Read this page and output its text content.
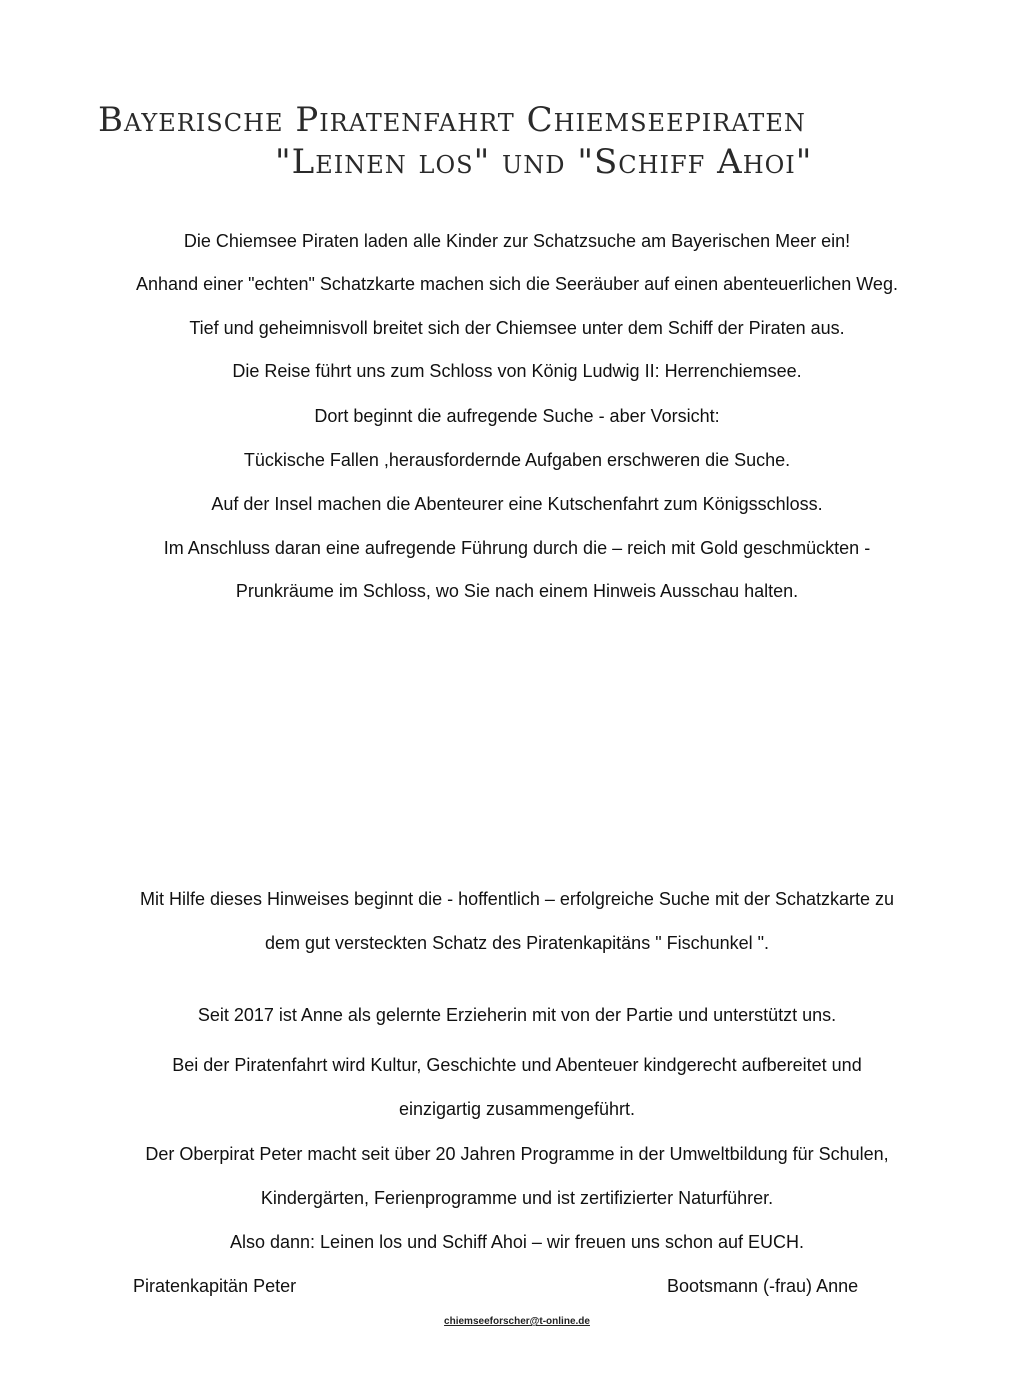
Bayerische Piratenfahrt Chiemseepiraten
"Leinen los" und "Schiff Ahoi"

Die Chiemsee Piraten laden alle Kinder zur Schatzsuche am Bayerischen Meer ein!

Anhand einer "echten" Schatzkarte machen sich die Seeräuber auf einen abenteuerlichen Weg.

Tief und geheimnisvoll breitet sich der Chiemsee unter dem Schiff der Piraten aus.

Die Reise führt uns zum Schloss von König Ludwig II: Herrenchiemsee.

Dort beginnt die aufregende Suche - aber Vorsicht:

Tückische Fallen ,herausfordernde Aufgaben erschweren die Suche.

Auf der Insel machen die Abenteurer eine Kutschenfahrt zum Königsschloss.

Im Anschluss daran eine aufregende Führung durch die – reich mit Gold geschmückten -

Prunkräume im Schloss, wo Sie nach einem Hinweis Ausschau halten.

Mit Hilfe dieses Hinweises beginnt die - hoffentlich – erfolgreiche Suche mit der Schatzkarte zu

dem gut versteckten Schatz des Piratenkapitäns " Fischunkel ".

Seit 2017 ist Anne als gelernte Erzieherin mit von der Partie und unterstützt uns.

Bei der Piratenfahrt wird Kultur, Geschichte und Abenteuer kindgerecht aufbereitet und

einzigartig zusammengeführt.

Der Oberpirat Peter macht seit über 20 Jahren Programme in der Umweltbildung für Schulen,

Kindergärten, Ferienprogramme und ist zertifizierter Naturführer.

Also dann: Leinen los und Schiff Ahoi – wir freuen uns schon auf EUCH.

Piratenkapitän Peter	Bootsmann (-frau) Anne
chiemseeforscher@t-online.de
